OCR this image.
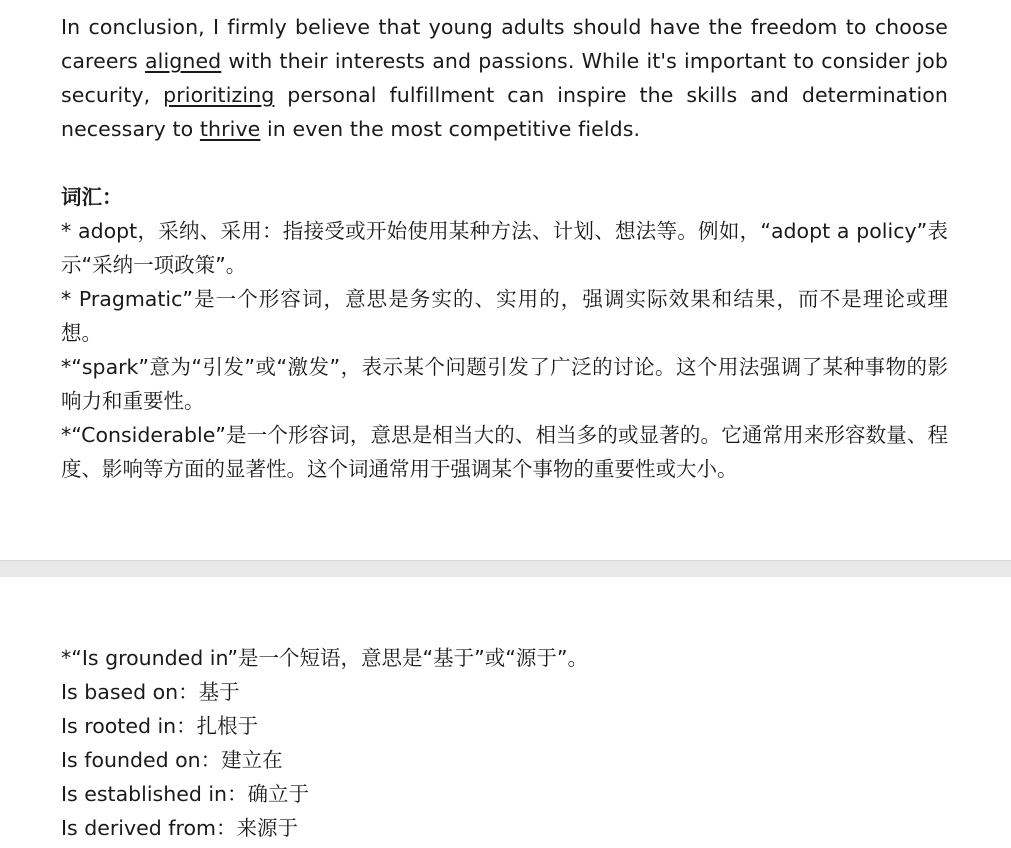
In conclusion, I firmly believe that young adults should have the freedom to choose careers aligned with their interests and passions. While it's important to consider job security, prioritizing personal fulfillment can inspire the skills and determination necessary to thrive in even the most competitive fields.

词汇：

* adopt，采纳、采用：指接受或开始使用某种方法、计划、想法等。例如，“adopt a policy”表示“采纳一项政策”。

* Pragmatic”是一个形容词，意思是务实的、实用的，强调实际效果和结果，而不是理论或理想。

*“spark”意为“引发”或“激发”，表示某个问题引发了广泛的讨论。这个用法强调了某种事物的影响力和重要性。

*“Considerable”是一个形容词，意思是相当大的、相当多的或显著的。它通常用来形容数量、程度、影响等方面的显著性。这个词通常用于强调某个事物的重要性或大小。

*“Is grounded in”是一个短语，意思是“基于”或“源于”。

Is based on：基于

Is rooted in：扎根于

Is founded on：建立在

Is established in：确立于

Is derived from：来源于
